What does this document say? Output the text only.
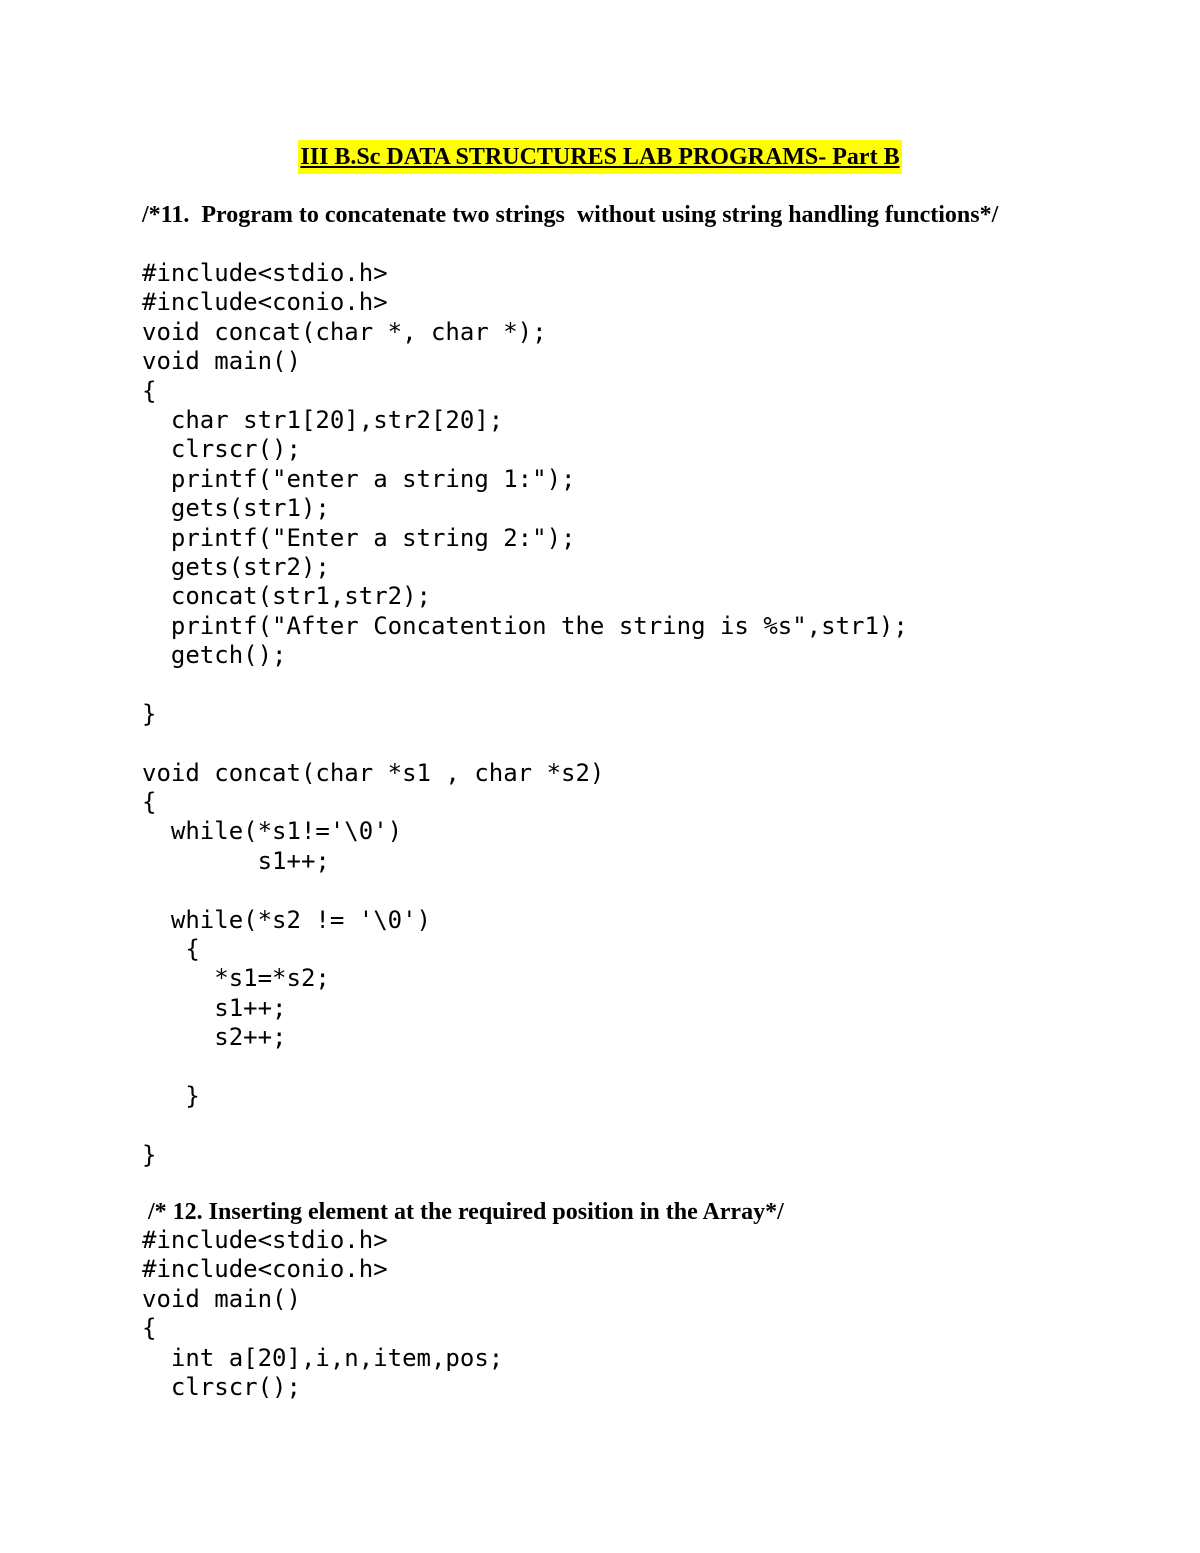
III B.Sc DATA STRUCTURES LAB PROGRAMS- Part B
/*11.  Program to concatenate two strings  without using string handling functions*/
#include<stdio.h>
#include<conio.h>
void concat(char *, char *);
void main()
{
char str1[20],str2[20];
clrscr();
printf("enter a string 1:");
gets(str1);
printf("Enter a string 2:");
gets(str2);
concat(str1,str2);
printf("After Concatention the string is %s",str1);
getch();
}
void concat(char *s1 , char *s2)
{
while(*s1!='\0')
s1++;
while(*s2 != '\0')
{
*s1=*s2;
s1++;
s2++;
}
}
/* 12. Inserting element at the required position in the Array*/
#include<stdio.h>
#include<conio.h>
void main()
{
int a[20],i,n,item,pos;
clrscr();
